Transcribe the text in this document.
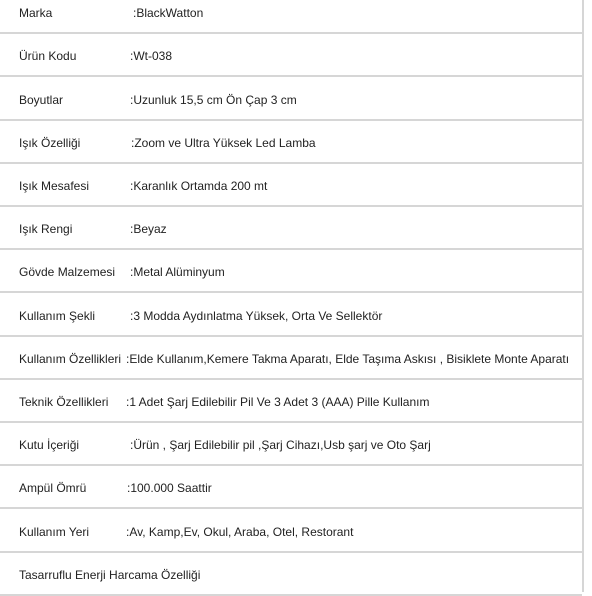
Marka	:BlackWatton
Ürün Kodu	:Wt-038
Boyutlar	:Uzunluk 15,5 cm Ön Çap 3 cm
Işık Özelliği	:Zoom ve Ultra Yüksek Led Lamba
Işık Mesafesi	:Karanlık Ortamda 200 mt
Işık Rengi	:Beyaz
Gövde Malzemesi :Metal Alüminyum
Kullanım Şekli	:3 Modda Aydınlatma Yüksek, Orta Ve Sellektör
Kullanım Özellikleri :Elde Kullanım,Kemere Takma Aparatı, Elde Taşıma Askısı , Bisiklete Monte Aparatı
Teknik Özellikleri :1 Adet Şarj Edilebilir Pil Ve 3 Adet 3 (AAA) Pille Kullanım
Kutu İçeriği	:Ürün , Şarj Edilebilir pil ,Şarj Cihazı,Usb şarj ve Oto Şarj
Ampül Ömrü	:100.000 Saattir
Kullanım Yeri	:Av, Kamp,Ev, Okul, Araba, Otel, Restorant
Tasarruflu Enerji Harcama Özelliği
